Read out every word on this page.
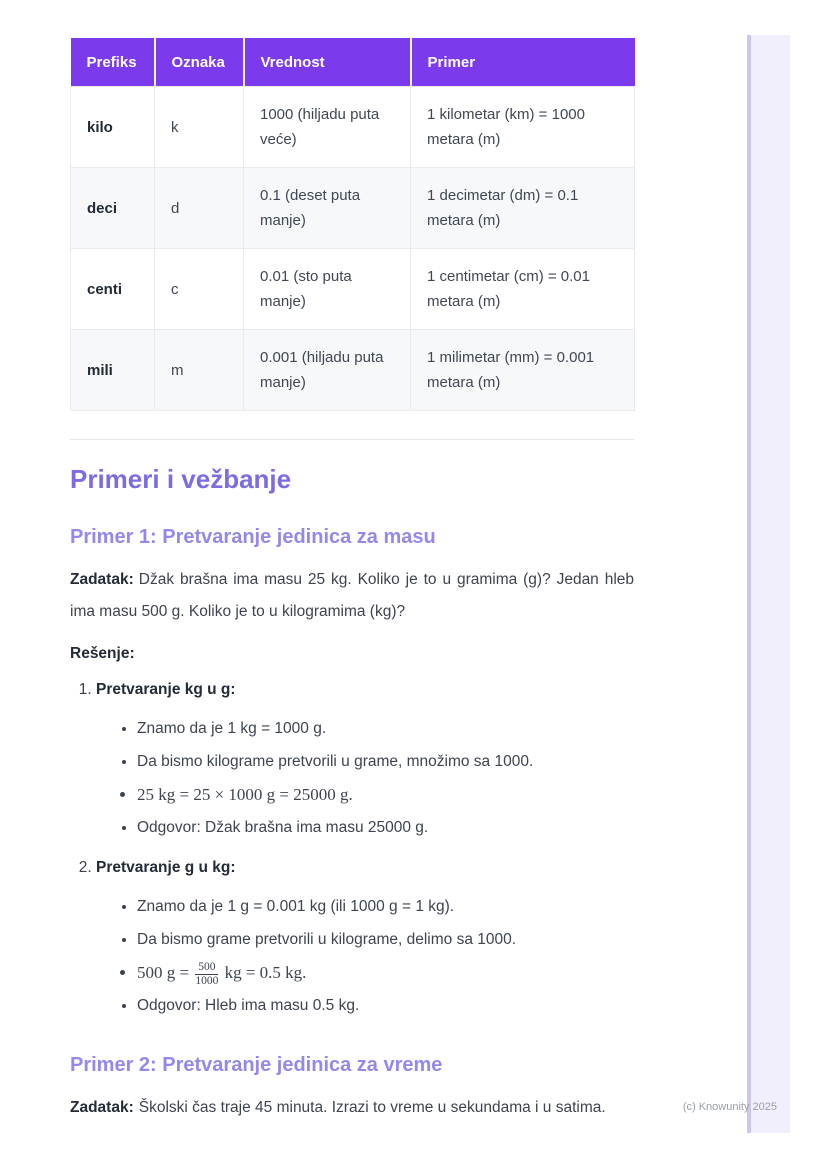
Prefiks	Oznaka	Vrednost	Primer
kilo	k	1000 (hiljadu puta veće)	1 kilometar (km) = 1000 metara (m)
deci	d	0.1 (deset puta manje)	1 decimetar (dm) = 0.1 metara (m)
centi	c	0.01 (sto puta manje)	1 centimetar (cm) = 0.01 metara (m)
mili	m	0.001 (hiljadu puta manje)	1 milimetar (mm) = 0.001 metara (m)
Primeri i vežbanje
Primer 1: Pretvaranje jedinica za masu

Zadatak: Džak brašna ima masu 25 kg. Koliko je to u gramima (g)? Jedan hleb ima masu 500 g. Koliko je to u kilogramima (kg)?

Rešenje:

1. Pretvaranje kg u g:
• Znamo da je 1 kg = 1000 g.
• Da bismo kilograme pretvorili u grame, množimo sa 1000.
• 25 kg = 25 × 1000 g = 25000 g.
• Odgovor: Džak brašna ima masu 25000 g.
2. Pretvaranje g u kg:
• Znamo da je 1 g = 0.001 kg (ili 1000 g = 1 kg).
• Da bismo grame pretvorili u kilograme, delimo sa 1000.
• 500 $g = \frac{500}{1000}$ kg = 0.5 kg.
• Odgovor: Hleb ima masu 0.5 kg.
Primer 2: Pretvaranje jedinica za vreme

Zadatak: Školski čas traje 45 minuta. Izrazi to vreme u sekundama i u satima.	(c) Knowunity 2025
